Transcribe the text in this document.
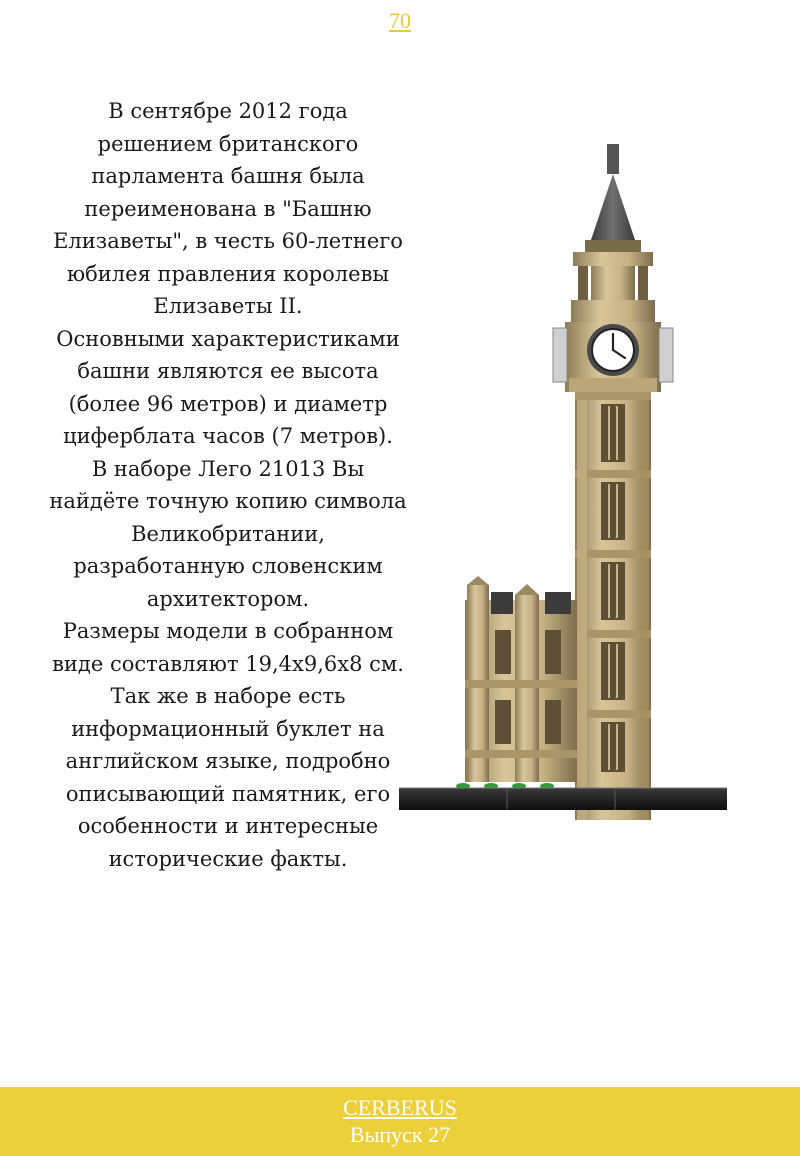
70

В сентябре 2012 года решением британского парламента башня была переименована в "Башню Елизаветы", в честь 60-летнего юбилея правления королевы Елизаветы II.

Основными характеристиками башни являются ее высота (более 96 метров) и диаметр циферблата часов (7 метров).

В наборе Лего 21013 Вы найдёте точную копию символа Великобритании, разработанную словенским архитектором.

Размеры модели в собранном виде составляют 19,4х9,6х8 см.

Так же в наборе есть информационный буклет на английском языке, подробно описывающий памятник, его особенности и интересные исторические факты.

CERBERUS
Выпуск 27
